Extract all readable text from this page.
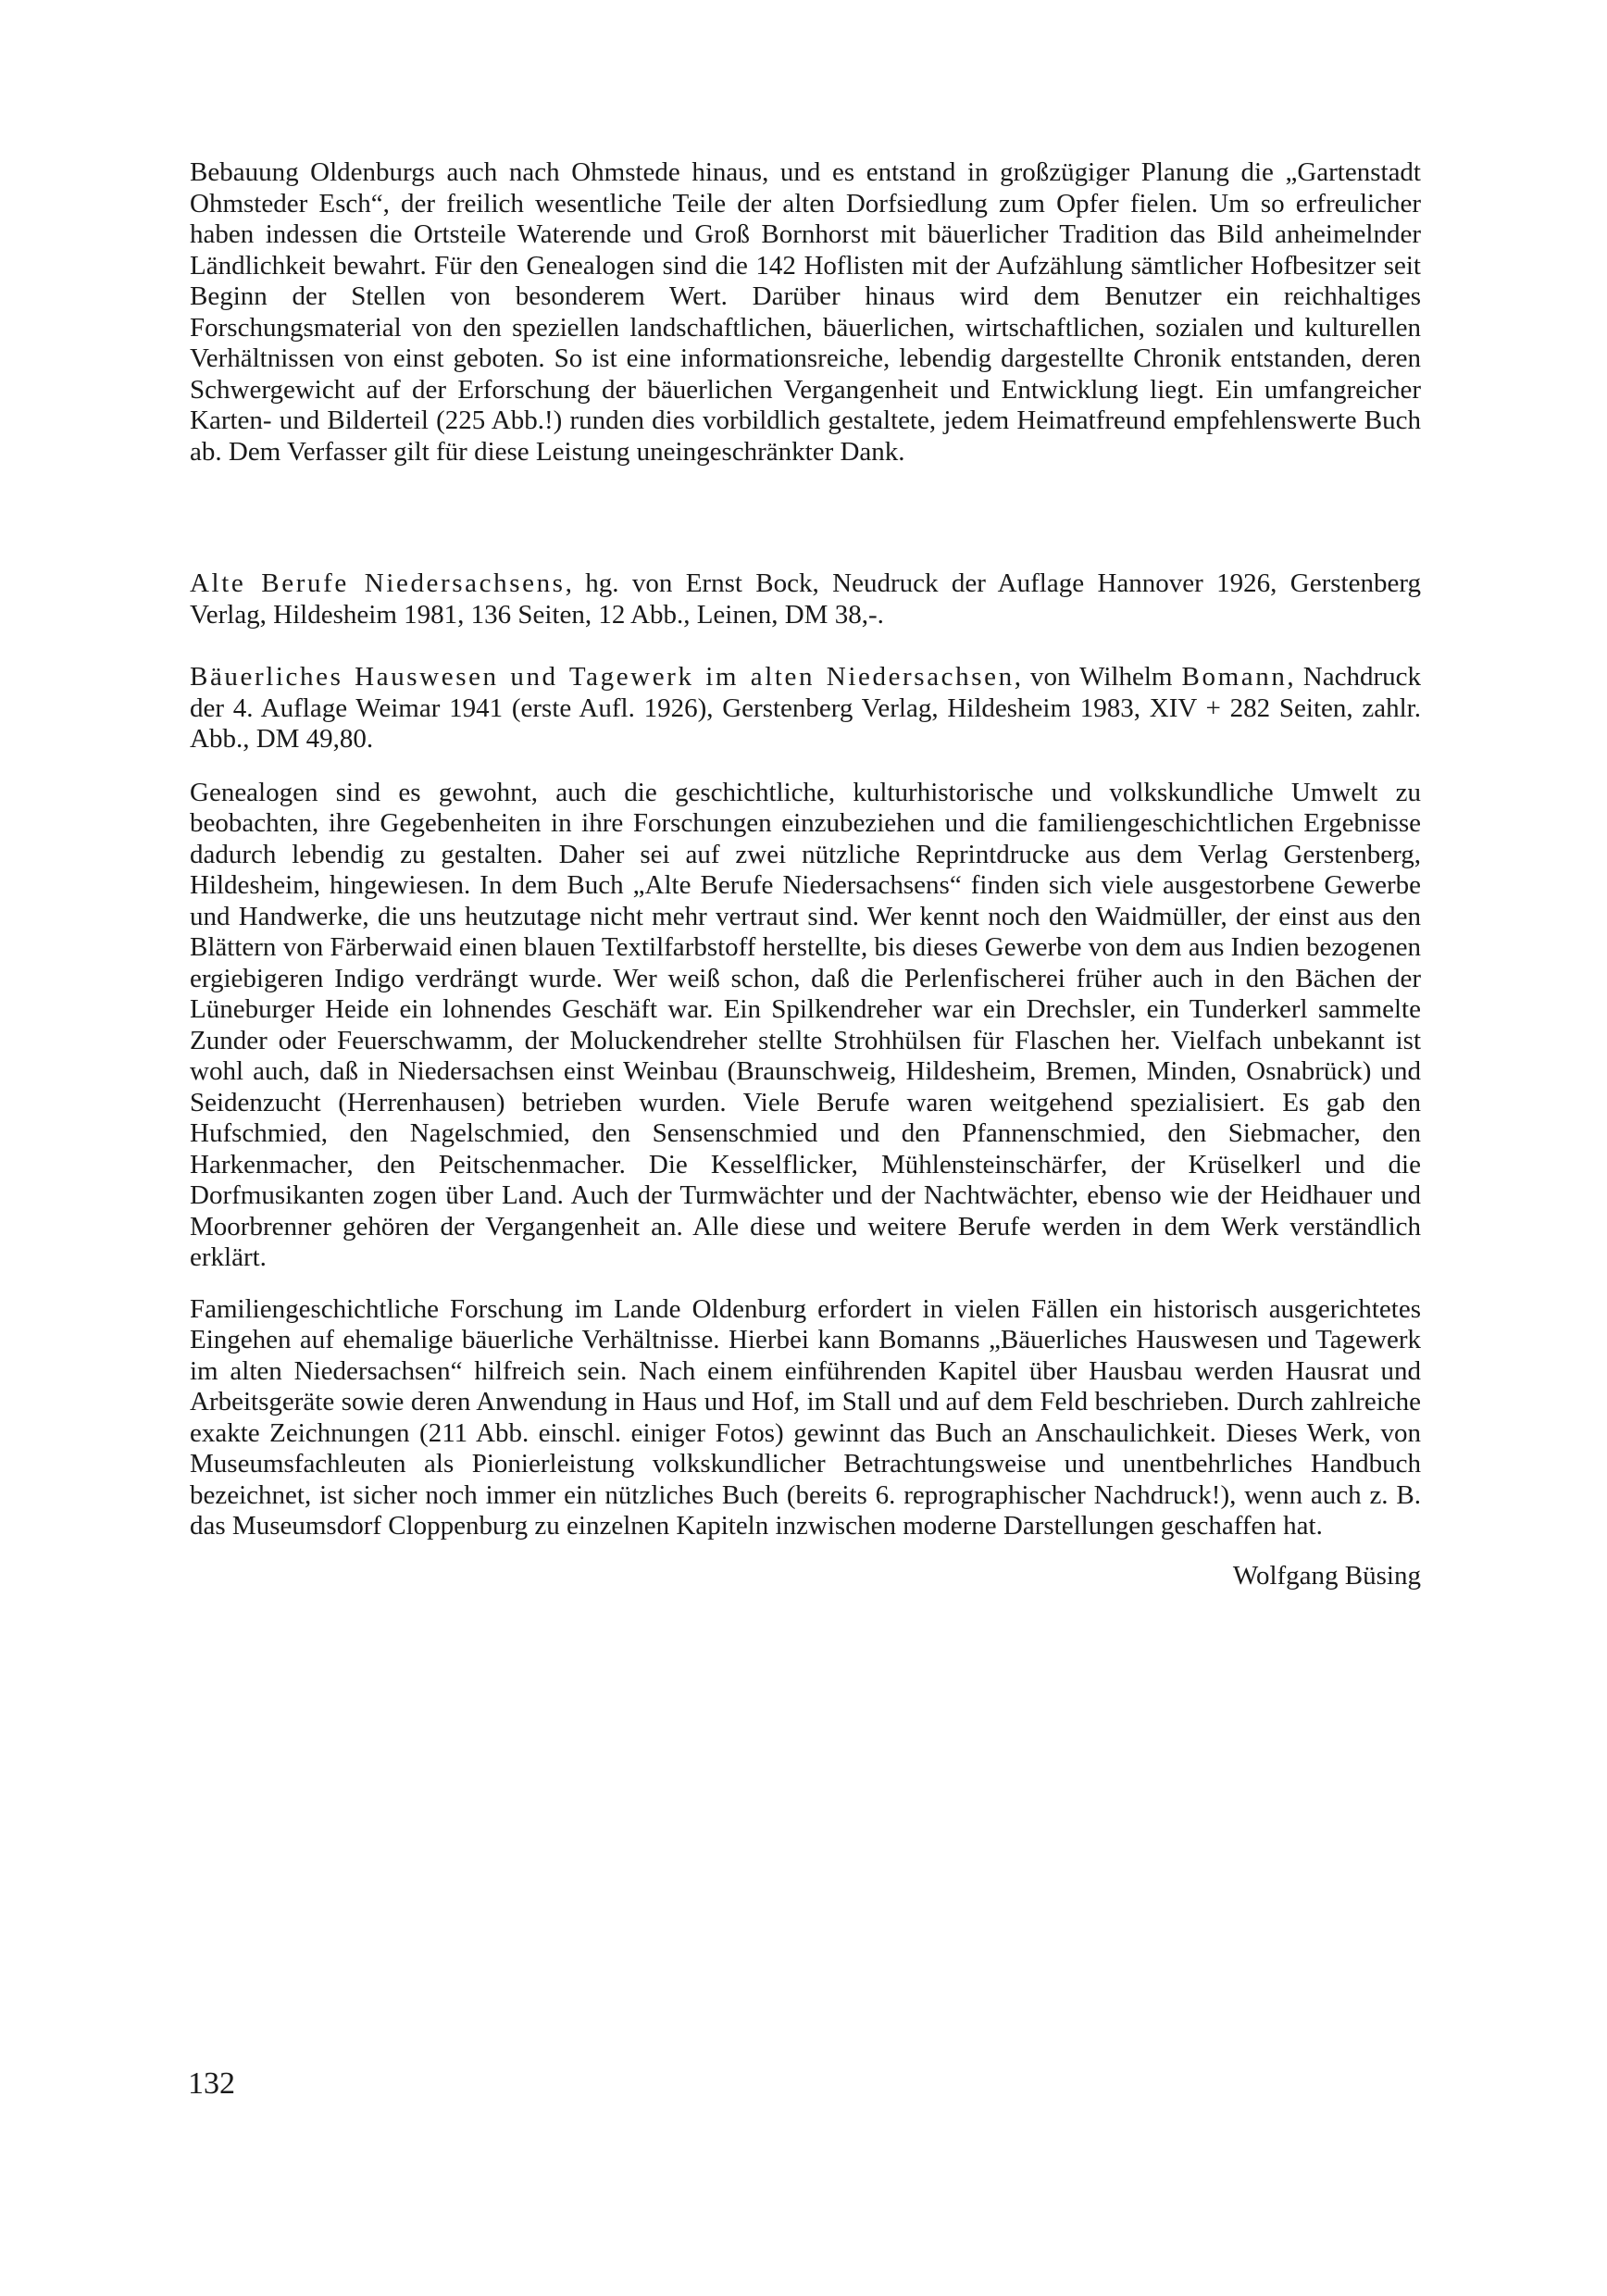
Bebauung Oldenburgs auch nach Ohmstede hinaus, und es entstand in großzügiger Planung die „Gartenstadt Ohmsteder Esch“, der freilich wesentliche Teile der alten Dorfsiedlung zum Opfer fielen. Um so erfreulicher haben indessen die Ortsteile Waterende und Groß Bornhorst mit bäuerlicher Tradition das Bild anheimelnder Ländlichkeit bewahrt. Für den Genealogen sind die 142 Hoflisten mit der Aufzählung sämtlicher Hofbesitzer seit Beginn der Stellen von besonderem Wert. Darüber hinaus wird dem Benutzer ein reichhaltiges Forschungsmaterial von den speziellen landschaftlichen, bäuerlichen, wirtschaftlichen, sozialen und kulturellen Verhältnissen von einst geboten. So ist eine informationsreiche, lebendig dargestellte Chronik entstanden, deren Schwergewicht auf der Erforschung der bäuerlichen Vergangenheit und Entwicklung liegt. Ein umfangreicher Karten- und Bilderteil (225 Abb.!) runden dies vorbildlich gestaltete, jedem Heimatfreund empfehlenswerte Buch ab. Dem Verfasser gilt für diese Leistung uneingeschränkter Dank.

Alte Berufe Niedersachsens, hg. von Ernst Bock, Neudruck der Auflage Hannover 1926, Gerstenberg Verlag, Hildesheim 1981, 136 Seiten, 12 Abb., Leinen, DM 38,-.

Bäuerliches Hauswesen und Tagewerk im alten Niedersachsen, von Wilhelm Bomann, Nachdruck der 4. Auflage Weimar 1941 (erste Aufl. 1926), Gerstenberg Verlag, Hildesheim 1983, XIV + 282 Seiten, zahlr. Abb., DM 49,80.

Genealogen sind es gewohnt, auch die geschichtliche, kulturhistorische und volkskundliche Umwelt zu beobachten, ihre Gegebenheiten in ihre Forschungen einzubeziehen und die familiengeschichtlichen Ergebnisse dadurch lebendig zu gestalten. Daher sei auf zwei nützliche Reprintdrucke aus dem Verlag Gerstenberg, Hildesheim, hingewiesen. In dem Buch „Alte Berufe Niedersachsens“ finden sich viele ausgestorbene Gewerbe und Handwerke, die uns heutzutage nicht mehr vertraut sind. Wer kennt noch den Waidmüller, der einst aus den Blättern von Färberwaid einen blauen Textilfarbstoff herstellte, bis dieses Gewerbe von dem aus Indien bezogenen ergiebigeren Indigo verdrängt wurde. Wer weiß schon, daß die Perlenfischerei früher auch in den Bächen der Lüneburger Heide ein lohnendes Geschäft war. Ein Spilkendreher war ein Drechsler, ein Tunderkerl sammelte Zunder oder Feuerschwamm, der Moluckendreher stellte Strohhülsen für Flaschen her. Vielfach unbekannt ist wohl auch, daß in Niedersachsen einst Weinbau (Braunschweig, Hildesheim, Bremen, Minden, Osnabrück) und Seidenzucht (Herrenhausen) betrieben wurden. Viele Berufe waren weitgehend spezialisiert. Es gab den Hufschmied, den Nagelschmied, den Sensenschmied und den Pfannenschmied, den Siebmacher, den Harkenmacher, den Peitschenmacher. Die Kesselflicker, Mühlensteinschärfer, der Krüselkerl und die Dorfmusikanten zogen über Land. Auch der Turmwächter und der Nachtwächter, ebenso wie der Heidhauer und Moorbrenner gehören der Vergangenheit an. Alle diese und weitere Berufe werden in dem Werk verständlich erklärt.

Familiengeschichtliche Forschung im Lande Oldenburg erfordert in vielen Fällen ein historisch ausgerichtetes Eingehen auf ehemalige bäuerliche Verhältnisse. Hierbei kann Bomanns „Bäuerliches Hauswesen und Tagewerk im alten Niedersachsen“ hilfreich sein. Nach einem einführenden Kapitel über Hausbau werden Hausrat und Arbeitsgeräte sowie deren Anwendung in Haus und Hof, im Stall und auf dem Feld beschrieben. Durch zahlreiche exakte Zeichnungen (211 Abb. einschl. einiger Fotos) gewinnt das Buch an Anschaulichkeit. Dieses Werk, von Museumsfachleuten als Pionierleistung volkskundlicher Betrachtungsweise und unentbehrliches Handbuch bezeichnet, ist sicher noch immer ein nützliches Buch (bereits 6. reprographischer Nachdruck!), wenn auch z. B. das Museumsdorf Cloppenburg zu einzelnen Kapiteln inzwischen moderne Darstellungen geschaffen hat.

Wolfgang Büsing

132
